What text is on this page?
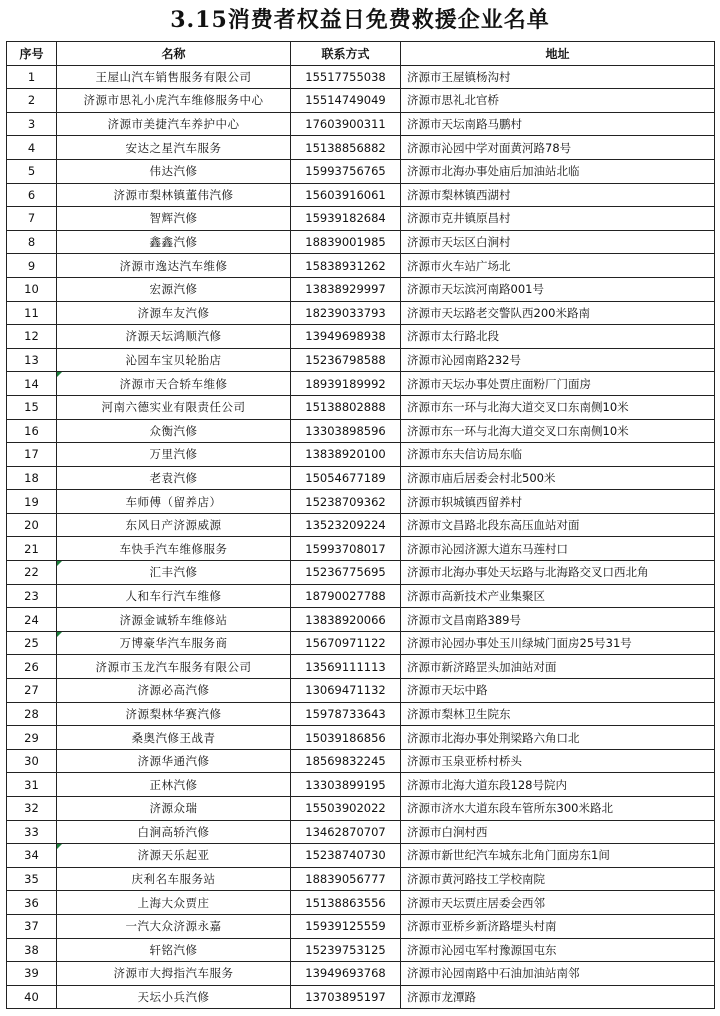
3.15消费者权益日免费救援企业名单
序号	名称	联系方式	地址
1	王屋山汽车销售服务有限公司	15517755038	济源市王屋镇杨沟村
2	济源市思礼小虎汽车维修服务中心	15514749049	济源市思礼北官桥
3	济源市美捷汽车养护中心	17603900311	济源市天坛南路马鹏村
4	安达之星汽车服务	15138856882	济源市沁园中学对面黄河路78号
5	伟达汽修	15993756765	济源市北海办事处庙后加油站北临
6	济源市梨林镇董伟汽修	15603916061	济源市梨林镇西湖村
7	智辉汽修	15939182684	济源市克井镇原昌村
8	鑫鑫汽修	18839001985	济源市天坛区白涧村
9	济源市逸达汽车维修	15838931262	济源市火车站广场北
10	宏源汽修	13838929997	济源市天坛滨河南路001号
11	济源车友汽修	18239033793	济源市天坛路老交警队西200米路南
12	济源天坛鸿顺汽修	13949698938	济源市太行路北段
13	沁园车宝贝轮胎店	15236798588	济源市沁园南路232号
14	济源市天合轿车维修	18939189992	济源市天坛办事处贾庄面粉厂门面房
15	河南六德实业有限责任公司	15138802888	济源市东一环与北海大道交叉口东南侧10米
16	众衡汽修	13303898596	济源市东一环与北海大道交叉口东南侧10米
17	万里汽修	13838920100	济源市东夫信访局东临
18	老袁汽修	15054677189	济源市庙后居委会村北500米
19	车师傅（留养店）	15238709362	济源市轵城镇西留养村
20	东风日产济源威源	13523209224	济源市文昌路北段东高压血站对面
21	车快手汽车维修服务	15993708017	济源市沁园济源大道东马莲村口
22	汇丰汽修	15236775695	济源市北海办事处天坛路与北海路交叉口西北角
23	人和车行汽车维修	18790027788	济源市高新技术产业集聚区
24	济源金诚轿车维修站	13838920066	济源市文昌南路389号
25	万博豪华汽车服务商	15670971122	济源市沁园办事处玉川绿城门面房25号31号
26	济源市玉龙汽车服务有限公司	13569111113	济源市新济路罡头加油站对面
27	济源必高汽修	13069471132	济源市天坛中路
28	济源梨林华赛汽修	15978733643	济源市梨林卫生院东
29	桑奥汽修王战青	15039186856	济源市北海办事处荆梁路六角口北
30	济源华通汽修	18569832245	济源市玉泉亚桥村桥头
31	正林汽修	13303899195	济源市北海大道东段128号院内
32	济源众瑞	15503902022	济源市济水大道东段车管所东300米路北
33	白涧高轿汽修	13462870707	济源市白涧村西
34	济源天乐起亚	15238740730	济源市新世纪汽车城东北角门面房东1间
35	庆利名车服务站	18839056777	济源市黄河路技工学校南院
36	上海大众贾庄	15138863556	济源市天坛贾庄居委会西邻
37	一汽大众济源永嘉	15939125559	济源市亚桥乡新济路堽头村南
38	轩铭汽修	15239753125	济源市沁园屯军村豫源国屯东
39	济源市大拇指汽车服务	13949693768	济源市沁园南路中石油加油站南邻
40	天坛小兵汽修	13703895197	济源市龙潭路
